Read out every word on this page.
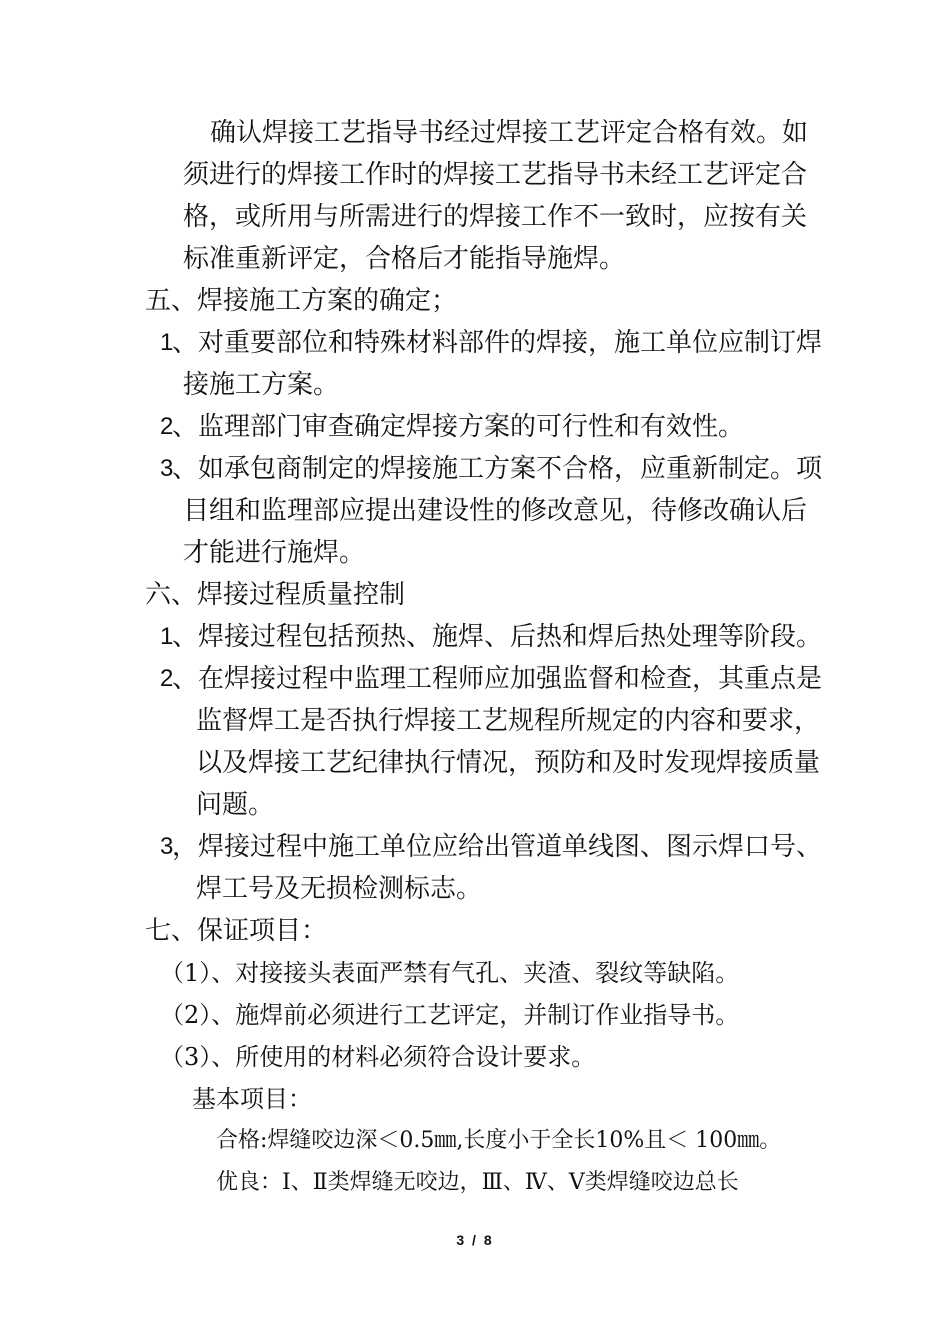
确认焊接工艺指导书经过焊接工艺评定合格有效。如
须进行的焊接工作时的焊接工艺指导书未经工艺评定合
格，或所用与所需进行的焊接工作不一致时，应按有关
标准重新评定，合格后才能指导施焊。
五、焊接施工方案的确定；
1
、对重要部位和特殊材料部件的焊接，施工单位应制订焊
接施工方案。
2
、监理部门审查确定焊接方案的可行性和有效性。
3
、如承包商制定的焊接施工方案不合格，应重新制定。项
目组和监理部应提出建设性的修改意见，待修改确认后
才能进行施焊。
六、焊接过程质量控制
1
、焊接过程包括预热、施焊、后热和焊后热处理等阶段。
2
、在焊接过程中监理工程师应加强监督和检查，其重点是
监督焊工是否执行焊接工艺规程所规定的内容和要求，
以及焊接工艺纪律执行情况，预防和及时发现焊接质量
问题。
3
，焊接过程中施工单位应给出管道单线图、图示焊口号、
焊工号及无损检测标志。
七、保证项目：
（1）、对接接头表面严禁有气孔、夹渣、裂纹等缺陷。
（2）、施焊前必须进行工艺评定，并制订作业指导书。
（3）、所使用的材料必须符合设计要求。
基本项目：
合格:焊缝咬边深＜0.5㎜,长度小于全长10%且＜ 100㎜。
优良：Ⅰ、Ⅱ类焊缝无咬边，Ⅲ、Ⅳ、Ⅴ类焊缝咬边总长
3 / 8
